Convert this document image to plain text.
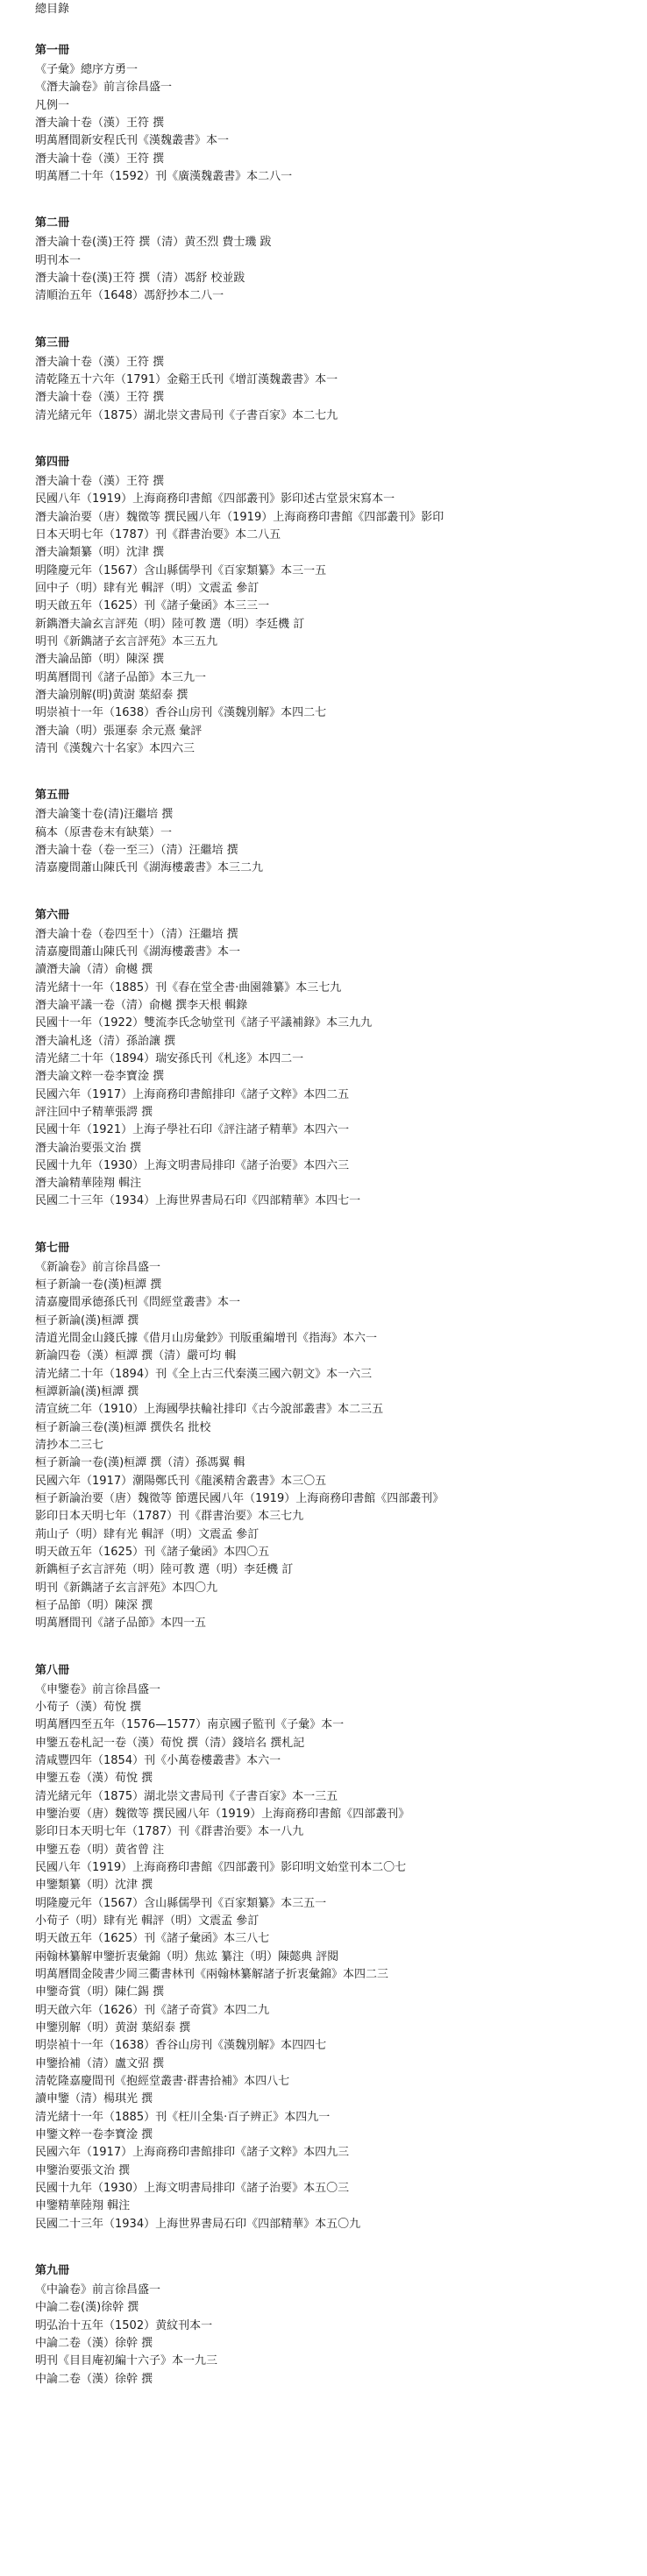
總目錄
第一冊
《子彙》總序方勇一
《潛夫論卷》前言徐昌盛一
凡例一
潛夫論十卷（漢）王符 撰
明萬曆間新安程氏刊《漢魏叢書》本一
潛夫論十卷（漢）王符 撰
明萬曆二十年（1592）刊《廣漢魏叢書》本二八一
第二冊
潛夫論十卷(漢)王符 撰（清）黄丕烈 費士璣 跋
明刊本一
潛夫論十卷(漢)王符 撰（清）馮舒 校並跋
清順治五年（1648）馮舒抄本二八一
第三冊
潛夫論十卷（漢）王符 撰
清乾隆五十六年（1791）金谿王氏刊《增訂漢魏叢書》本一
潛夫論十卷（漢）王符 撰
清光緒元年（1875）湖北崇文書局刊《子書百家》本二七九
第四冊
潛夫論十卷（漢）王符 撰
民國八年（1919）上海商務印書館《四部叢刊》影印述古堂景宋寫本一
潛夫論治要（唐）魏徵等 撰民國八年（1919）上海商務印書館《四部叢刊》影印
日本天明七年（1787）刊《群書治要》本二八五
潛夫論類纂（明）沈津 撰
明隆慶元年（1567）含山縣儒學刊《百家類纂》本三一五
回中子（明）肆有光 輯評（明）文震孟 參訂
明天啟五年（1625）刊《諸子彙函》本三三一
新鐫潛夫論玄言評苑（明）陸可教 選（明）李廷機 訂
明刊《新鐫諸子玄言評苑》本三五九
潛夫論品節（明）陳深 撰
明萬曆間刊《諸子品節》本三九一
潛夫論別解(明)黄澍 葉紹泰 撰
明崇禎十一年（1638）香谷山房刊《漢魏別解》本四二七
潛夫論（明）張運泰 余元熹 彙評
清刊《漢魏六十名家》本四六三
第五冊
潛夫論箋十卷(清)汪繼培 撰
稿本（原書卷末有缺葉）一
潛夫論十卷（卷一至三）（清）汪繼培 撰
清嘉慶間蕭山陳氏刊《湖海樓叢書》本三二九
第六冊
潛夫論十卷（卷四至十）（清）汪繼培 撰
清嘉慶間蕭山陳氏刊《湖海樓叢書》本一
讀潛夫論（清）俞樾 撰
清光緒十一年（1885）刊《春在堂全書·曲園雜纂》本三七九
潛夫論平議一卷（清）俞樾 撰李天根 輯錄
民國十一年（1922）雙流李氏念劬堂刊《諸子平議補錄》本三九九
潛夫論札迻（清）孫詒讓 撰
清光緒二十年（1894）瑞安孫氏刊《札迻》本四二一
潛夫論文粹一卷李寶淦 撰
民國六年（1917）上海商務印書館排印《諸子文粹》本四二五
評注回中子精華張諤 撰
民國十年（1921）上海子學社石印《評注諸子精華》本四六一
潛夫論治要張文治 撰
民國十九年（1930）上海文明書局排印《諸子治要》本四六三
潛夫論精華陸翔 輯注
民國二十三年（1934）上海世界書局石印《四部精華》本四七一
第七冊
《新論卷》前言徐昌盛一
桓子新論一卷(漢)桓譚 撰
清嘉慶間承德孫氏刊《問經堂叢書》本一
桓子新論(漢)桓譚 撰
清道光間金山錢氏據《借月山房彙鈔》刊版重編增刊《指海》本六一
新論四卷（漢）桓譚 撰（清）嚴可均 輯
清光緒二十年（1894）刊《全上古三代秦漢三國六朝文》本一六三
桓譚新論(漢)桓譚 撰
清宣統二年（1910）上海國學扶輪社排印《古今說部叢書》本二三五
桓子新論三卷(漢)桓譚 撰佚名 批校
清抄本二三七
桓子新論一卷(漢)桓譚 撰（清）孫馮翼 輯
民國六年（1917）潮陽鄭氏刊《龍溪精舍叢書》本三〇五
桓子新論治要（唐）魏徵等 節選民國八年（1919）上海商務印書館《四部叢刊》
影印日本天明七年（1787）刊《群書治要》本三七九
荊山子（明）肆有光 輯評（明）文震孟 參訂
明天啟五年（1625）刊《諸子彙函》本四〇五
新鐫桓子玄言評苑（明）陸可教 選（明）李廷機 訂
明刊《新鐫諸子玄言評苑》本四〇九
桓子品節（明）陳深 撰
明萬曆間刊《諸子品節》本四一五
第八冊
《申鑒卷》前言徐昌盛一
小荀子（漢）荀悅 撰
明萬曆四至五年（1576—1577）南京國子監刊《子彙》本一
申鑒五卷札記一卷（漢）荀悅 撰（清）錢培名 撰札記
清咸豐四年（1854）刊《小萬卷樓叢書》本六一
申鑒五卷（漢）荀悅 撰
清光緒元年（1875）湖北崇文書局刊《子書百家》本一三五
申鑒治要（唐）魏徵等 撰民國八年（1919）上海商務印書館《四部叢刊》
影印日本天明七年（1787）刊《群書治要》本一八九
申鑒五卷（明）黄省曾 注
民國八年（1919）上海商務印書館《四部叢刊》影印明文始堂刊本二〇七
申鑒類纂（明）沈津 撰
明隆慶元年（1567）含山縣儒學刊《百家類纂》本三五一
小荀子（明）肆有光 輯評（明）文震孟 參訂
明天啟五年（1625）刊《諸子彙函》本三八七
兩翰林纂解申鑒折衷彙錦（明）焦竑 纂注（明）陳懿典 評閱
明萬曆間金陵書少岡三衢書林刊《兩翰林纂解諸子折衷彙錦》本四二三
申鑒奇賞（明）陳仁錫 撰
明天啟六年（1626）刊《諸子奇賞》本四二九
申鑒別解（明）黄澍 葉紹泰 撰
明崇禎十一年（1638）香谷山房刊《漢魏別解》本四四七
申鑒拾補（清）盧文弨 撰
清乾隆嘉慶間刊《抱經堂叢書·群書拾補》本四八七
讀申鑒（清）楊琪光 撰
清光緒十一年（1885）刊《枉川全集·百子辨正》本四九一
申鑒文粹一卷李寶淦 撰
民國六年（1917）上海商務印書館排印《諸子文粹》本四九三
申鑒治要張文治 撰
民國十九年（1930）上海文明書局排印《諸子治要》本五〇三
申鑒精華陸翔 輯注
民國二十三年（1934）上海世界書局石印《四部精華》本五〇九
第九冊
《中論卷》前言徐昌盛一
中論二卷(漢)徐幹 撰
明弘治十五年（1502）黄紋刊本一
中論二卷（漢）徐幹 撰
明刊《目目庵初編十六子》本一九三
中論二卷（漢）徐幹 撰
